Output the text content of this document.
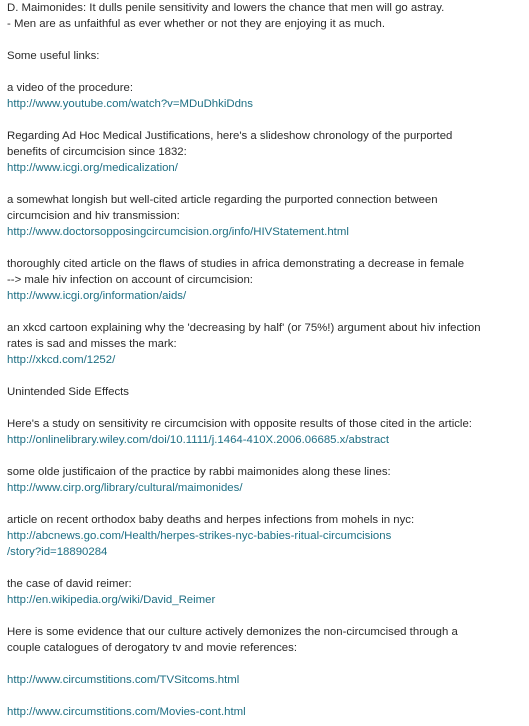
D. Maimonides: It dulls penile sensitivity and lowers the chance that men will go astray.
- Men are as unfaithful as ever whether or not they are enjoying it as much.
Some useful links:
a video of the procedure:
http://www.youtube.com/watch?v=MDuDhkiDdns
Regarding Ad Hoc Medical Justifications, here's a slideshow chronology of the purported
benefits of circumcision since 1832:
http://www.icgi.org/medicalization/
a somewhat longish but well-cited article regarding the purported connection between
circumcision and hiv transmission:
http://www.doctorsopposingcircumcision.org/info/HIVStatement.html
thoroughly cited article on the flaws of studies in africa demonstrating a decrease in female
--> male hiv infection on account of circumcision:
http://www.icgi.org/information/aids/
an xkcd cartoon explaining why the 'decreasing by half' (or 75%!) argument about hiv infection
rates is sad and misses the mark:
http://xkcd.com/1252/
Unintended Side Effects
Here's a study on sensitivity re circumcision with opposite results of those cited in the article:
http://onlinelibrary.wiley.com/doi/10.1111/j.1464-410X.2006.06685.x/abstract
some olde justificaion of the practice by rabbi maimonides along these lines:
http://www.cirp.org/library/cultural/maimonides/
article on recent orthodox baby deaths and herpes infections from mohels in nyc:
http://abcnews.go.com/Health/herpes-strikes-nyc-babies-ritual-circumcisions
/story?id=18890284
the case of david reimer:
http://en.wikipedia.org/wiki/David_Reimer
Here is some evidence that our culture actively demonizes the non-circumcised through a
couple catalogues of derogatory tv and movie references:
http://www.circumstitions.com/TVSitcoms.html
http://www.circumstitions.com/Movies-cont.html
